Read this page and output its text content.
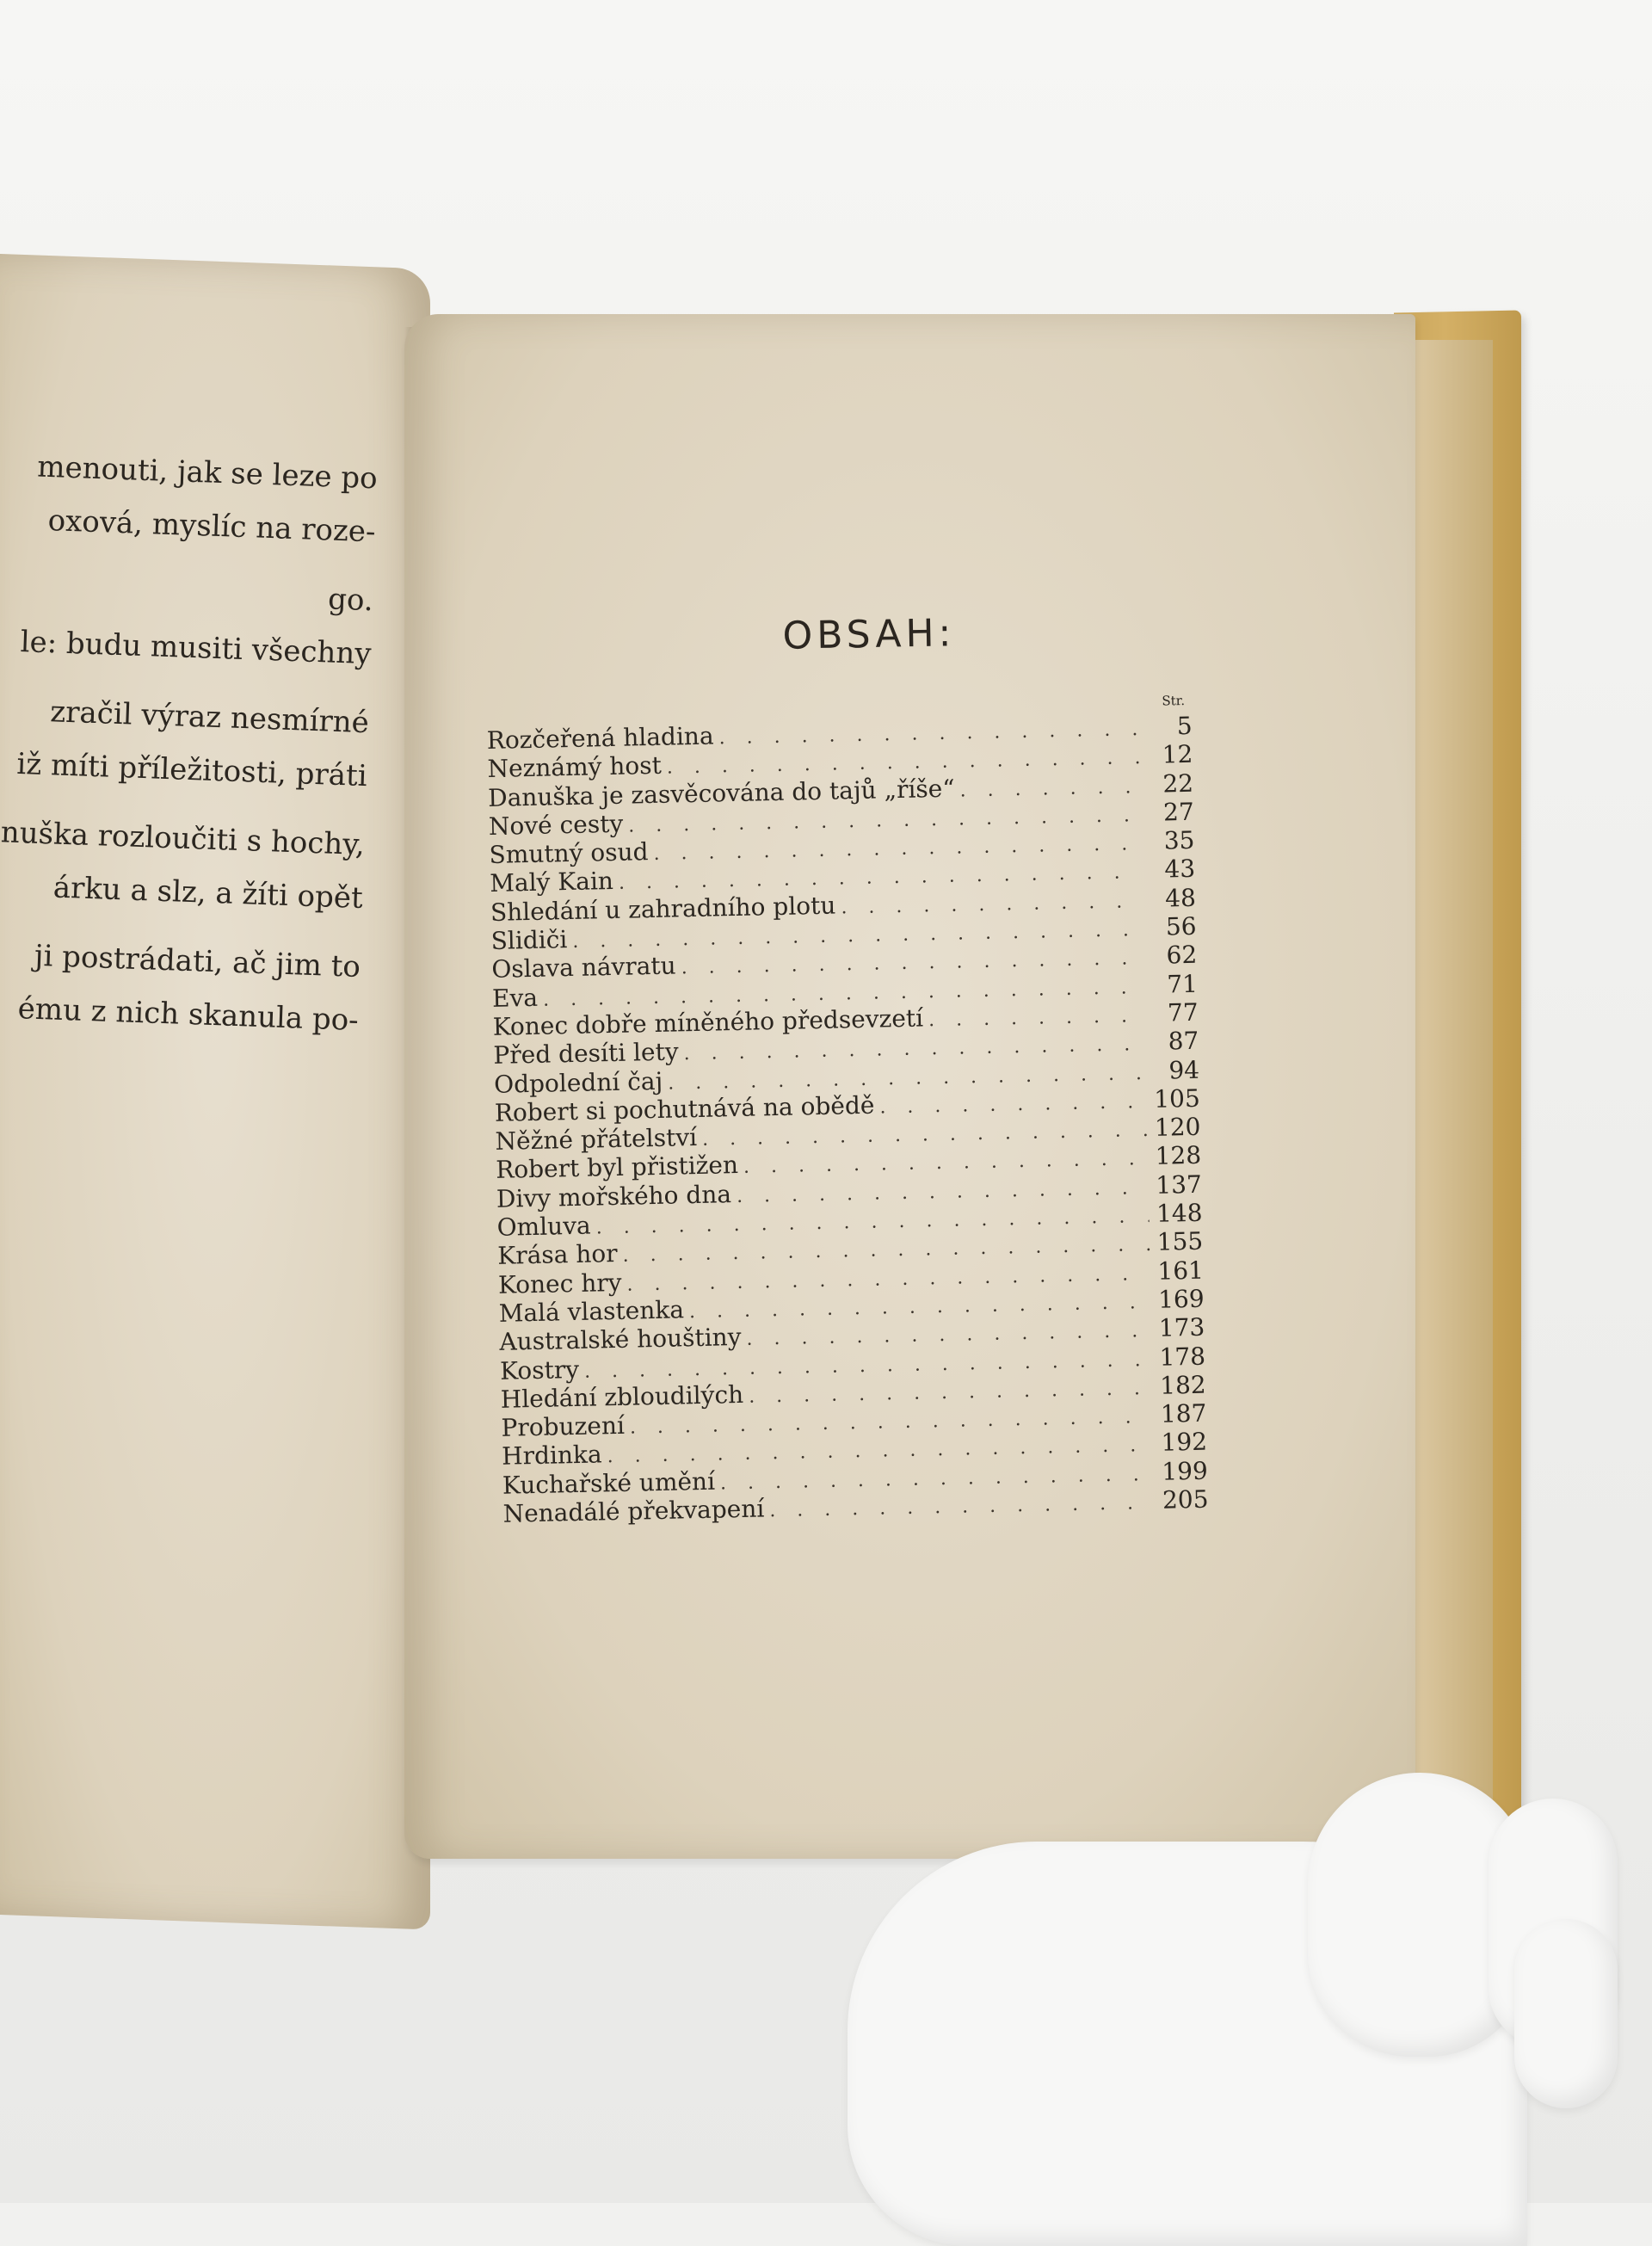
menouti, jak se leze po
oxová, myslíc na roze-
go.
le: budu musiti všechny
zračil výraz nesmírné
iž míti příležitosti, práti
nuška rozloučiti s hochy,
árku a slz, a žíti opět
ji postrádati, ač jim to
ému z nich skanula po-
OBSAH:
Str.
Rozčeřená hladina . . .	5
Neznámý host . . .	12
Danuška je zasvěcována do tajů „říše“ . . .	22
Nové cesty . . .	27
Smutný osud . . .	35
Malý Kain . . .	43
Shledání u zahradního plotu . . .	48
Slidiči . . .	56
Oslava návratu . . .	62
Eva . . .	71
Konec dobře míněného předsevzetí . . .	77
Před desíti lety . . .	87
Odpolední čaj . . .	94
Robert si pochutnává na obědě . . .	105
Něžné přátelství . . .	120
Robert byl přistižen . . .	128
Divy mořského dna . . .	137
Omluva . . .	148
Krása hor . . .	155
Konec hry . . .	161
Malá vlastenka . . .	169
Australské houštiny . . .	173
Kostry . . .	178
Hledání zbloudilých . . .	182
Probuzení . . .	187
Hrdinka . . .	192
Kuchařské umění . . .	199
Nenadálé překvapení . . .	205
